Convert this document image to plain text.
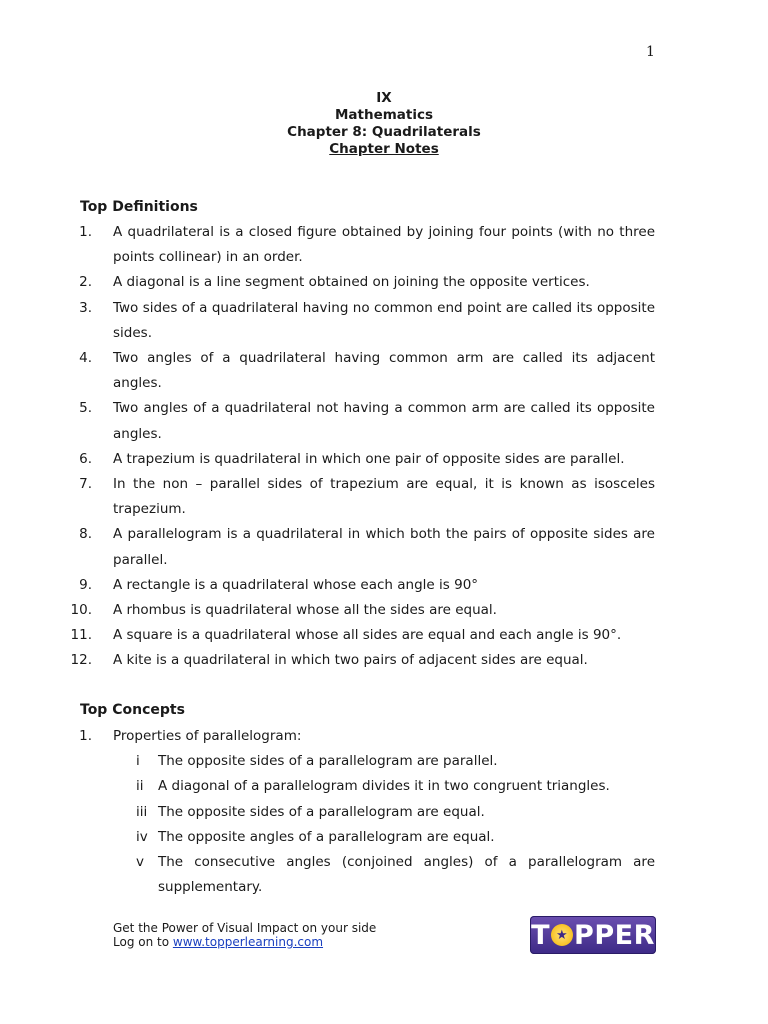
1
IX
Mathematics
Chapter 8: Quadrilaterals
Chapter Notes
Top Definitions
1. A quadrilateral is a closed figure obtained by joining four points (with no three points collinear) in an order.
2. A diagonal is a line segment obtained on joining the opposite vertices.
3. Two sides of a quadrilateral having no common end point are called its opposite sides.
4. Two angles of a quadrilateral having common arm are called its adjacent angles.
5. Two angles of a quadrilateral not having a common arm are called its opposite angles.
6. A trapezium is quadrilateral in which one pair of opposite sides are parallel.
7. In the non – parallel sides of trapezium are equal, it is known as isosceles trapezium.
8. A parallelogram is a quadrilateral in which both the pairs of opposite sides are parallel.
9. A rectangle is a quadrilateral whose each angle is 90°
10. A rhombus is quadrilateral whose all the sides are equal.
11. A square is a quadrilateral whose all sides are equal and each angle is 90°.
12. A kite is a quadrilateral in which two pairs of adjacent sides are equal.
Top Concepts
1. Properties of parallelogram:
i The opposite sides of a parallelogram are parallel.
ii A diagonal of a parallelogram divides it in two congruent triangles.
iii The opposite sides of a parallelogram are equal.
iv The opposite angles of a parallelogram are equal.
v The consecutive angles (conjoined angles) of a parallelogram are supplementary.
Get the Power of Visual Impact on your side
Log on to www.topperlearning.com	T ★ PPER
